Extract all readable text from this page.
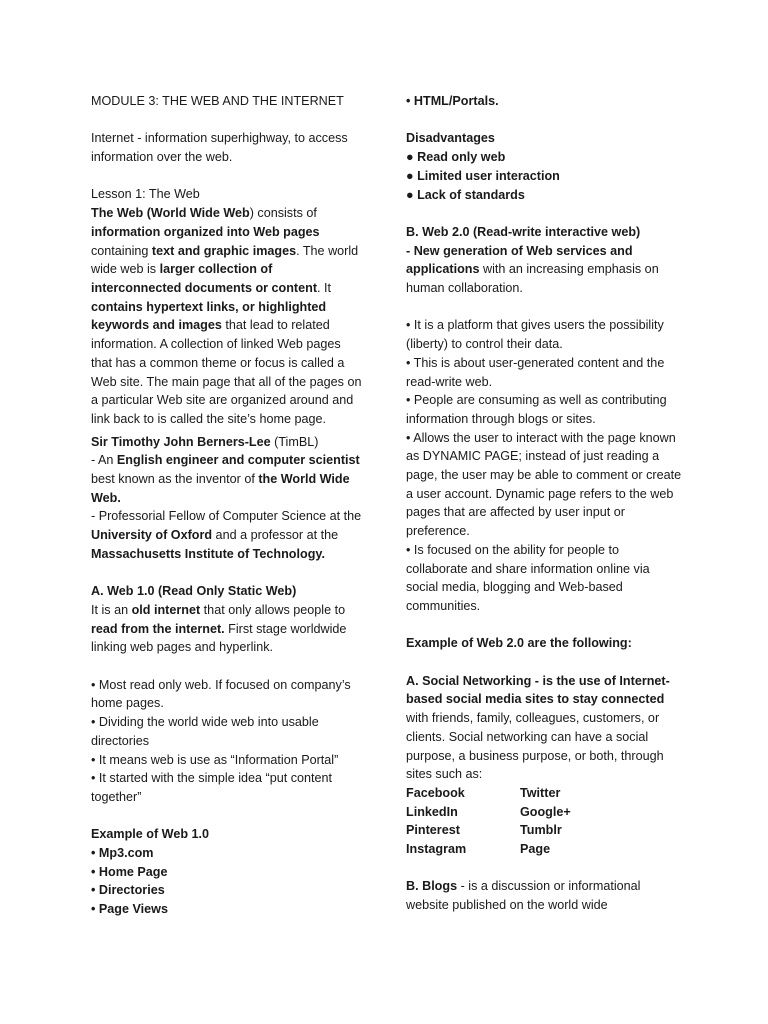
MODULE 3: THE WEB AND THE INTERNET

Internet - information superhighway, to access information over the web.

Lesson 1: The Web

The Web (World Wide Web) consists of information organized into Web pages containing text and graphic images. The world wide web is larger collection of interconnected documents or content. It contains hypertext links, or highlighted keywords and images that lead to related information. A collection of linked Web pages that has a common theme or focus is called a Web site. The main page that all of the pages on a particular Web site are organized around and link back to is called the site’s home page.

Sir Timothy John Berners-Lee (TimBL)

- An English engineer and computer scientist best known as the inventor of the World Wide Web.

- Professorial Fellow of Computer Science at the University of Oxford and a professor at the Massachusetts Institute of Technology.

A. Web 1.0 (Read Only Static Web)

It is an old internet that only allows people to read from the internet. First stage worldwide linking web pages and hyperlink.

• Most read only web. If focused on company’s home pages.

• Dividing the world wide web into usable directories

• It means web is use as “Information Portal”

• It started with the simple idea “put content together”

Example of Web 1.0

• Mp3.com

• Home Page

• Directories

• Page Views

• HTML/Portals.

Disadvantages

● Read only web

● Limited user interaction

● Lack of standards

B. Web 2.0 (Read-write interactive web)

- New generation of Web services and applications with an increasing emphasis on human collaboration.

• It is a platform that gives users the possibility (liberty) to control their data.

• This is about user-generated content and the read-write web.

• People are consuming as well as contributing information through blogs or sites.

• Allows the user to interact with the page known as DYNAMIC PAGE; instead of just reading a page, the user may be able to comment or create a user account. Dynamic page refers to the web pages that are affected by user input or preference.

• Is focused on the ability for people to collaborate and share information online via social media, blogging and Web-based communities.

Example of Web 2.0 are the following:

A. Social Networking - is the use of Internet-based social media sites to stay connected with friends, family, colleagues, customers, or clients. Social networking can have a social purpose, a business purpose, or both, through sites such as:

Facebook	Twitter
LinkedIn	Google+
Pinterest	Tumblr
Instagram	Page

B. Blogs - is a discussion or informational website published on the world wide
